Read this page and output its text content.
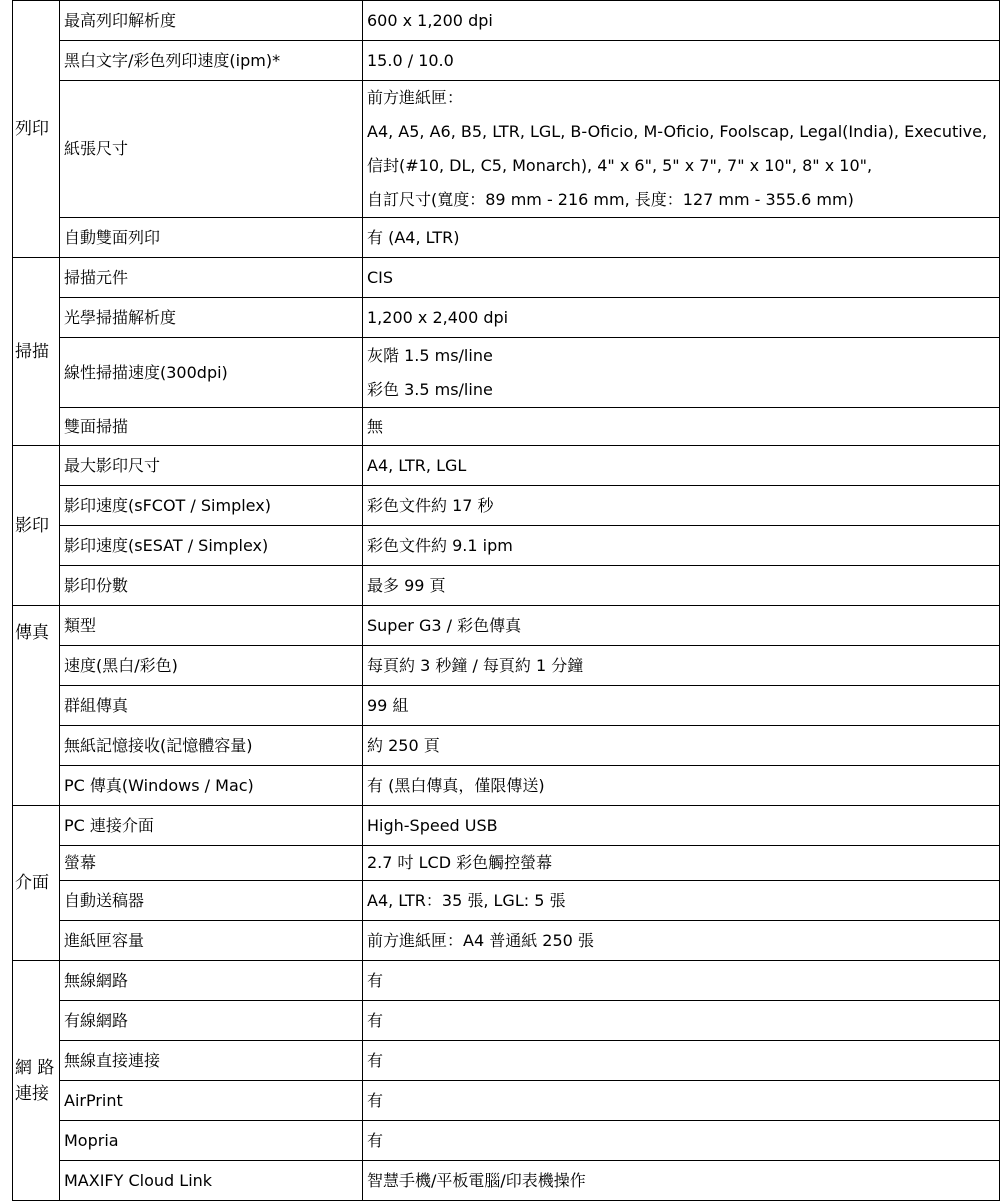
列印	最高列印解析度	600 x 1,200 dpi

	黑白文字/彩色列印速度(ipm)*	15.0 / 10.0

	紙張尺寸	前方進紙匣：
A4, A5, A6, B5, LTR, LGL, B-Oficio, M-Oficio, Foolscap, Legal(India), Executive,
信封(#10, DL, C5, Monarch), 4" x 6", 5" x 7", 7" x 10", 8" x 10",
自訂尺寸(寬度：89 mm - 216 mm, 長度：127 mm - 355.6 mm)

	自動雙面列印	有 (A4, LTR)

掃描	掃描元件	CIS

	光學掃描解析度	1,200 x 2,400 dpi

	線性掃描速度(300dpi)	灰階 1.5 ms/line
彩色 3.5 ms/line

	雙面掃描	無

影印	最大影印尺寸	A4, LTR, LGL

	影印速度(sFCOT / Simplex)	彩色文件約 17 秒

	影印速度(sESAT / Simplex)	彩色文件約 9.1 ipm

	影印份數	最多 99 頁

傳真	類型	Super G3 / 彩色傳真

	速度(黑白/彩色)	每頁約 3 秒鐘 / 每頁約 1 分鐘

	群組傳真	99 組

	無紙記憶接收(記憶體容量)	約 250 頁

	PC 傳真(Windows / Mac)	有 (黑白傳真，僅限傳送)

介面	PC 連接介面	High-Speed USB

	螢幕	2.7 吋 LCD 彩色觸控螢幕

	自動送稿器	A4, LTR：35 張, LGL: 5 張

	進紙匣容量	前方進紙匣：A4 普通紙 250 張

網 路
連接	無線網路	有

	有線網路	有

	無線直接連接	有

	AirPrint	有

	Mopria	有

	MAXIFY Cloud Link	智慧手機/平板電腦/印表機操作
